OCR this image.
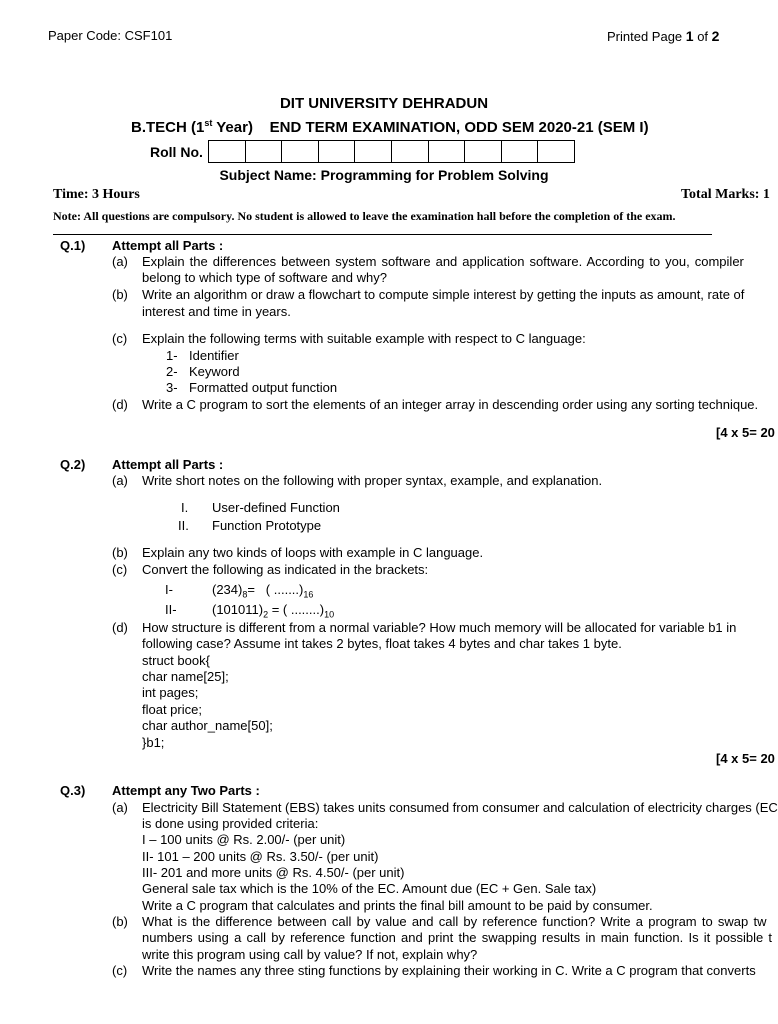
Paper Code: CSF101	Printed Page 1 of 2
DIT UNIVERSITY DEHRADUN
B.TECH (1st Year)    END TERM EXAMINATION, ODD SEM 2020-21 (SEM I)
Roll No.
Subject Name: Programming for Problem Solving
Time: 3 Hours	Total Marks: 1
Note: All questions are compulsory. No student is allowed to leave the examination hall before the completion of the exam.
Q.1) Attempt all Parts :
(a) Explain the differences between system software and application software. According to you, compiler
belong to which type of software and why?
(b) Write an algorithm or draw a flowchart to compute simple interest by getting the inputs as amount, rate of
interest and time in years.
(c) Explain the following terms with suitable example with respect to C language:
1- Identifier
2- Keyword
3- Formatted output function
(d) Write a C program to sort the elements of an integer array in descending order using any sorting technique.
[4 x 5= 20
Q.2) Attempt all Parts :
(a) Write short notes on the following with proper syntax, example, and explanation.
I. User-defined Function
II. Function Prototype
(b) Explain any two kinds of loops with example in C language.
(c) Convert the following as indicated in the brackets:
I-	$(234)_8=$   ( $.......)_{16}$
II-	$(101011)_2$ = ( $........)_{10}$
(d) How structure is different from a normal variable? How much memory will be allocated for variable b1 in
following case? Assume int takes 2 bytes, float takes 4 bytes and char takes 1 byte.
struct book{
char name[25];
int pages;
float price;
char author_name[50];
}b1;
[4 x 5= 20
Q.3) Attempt any Two Parts :
(a) Electricity Bill Statement (EBS) takes units consumed from consumer and calculation of electricity charges (EC
is done using provided criteria:
I – 100 units @ Rs. 2.00/- (per unit)
II- 101 – 200 units @ Rs. 3.50/- (per unit)
III- 201 and more units @ Rs. 4.50/- (per unit)
General sale tax which is the 10% of the EC. Amount due (EC + Gen. Sale tax)
Write a C program that calculates and prints the final bill amount to be paid by consumer.
(b) What is the difference between call by value and call by reference function? Write a program to swap tw
numbers using a call by reference function and print the swapping results in main function. Is it possible t
write this program using call by value? If not, explain why?
(c) Write the names any three sting functions by explaining their working in C. Write a C program that converts
